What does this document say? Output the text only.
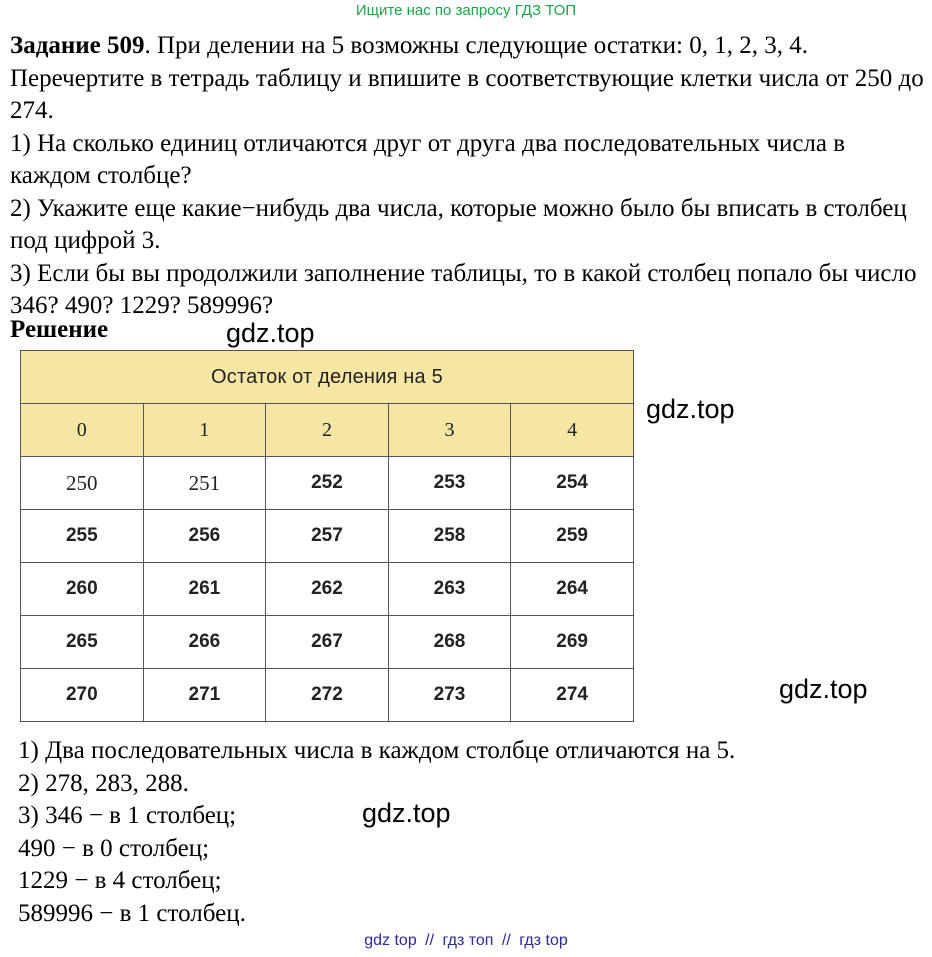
Ищите нас по запросу ГДЗ ТОП

Задание 509. При делении на 5 возможны следующие остатки: 0, 1, 2, 3, 4. Перечертите в тетрадь таблицу и впишите в соответствующие клетки числа от 250 до 274.

1) На сколько единиц отличаются друг от друга два последовательных числа в каждом столбце?

2) Укажите еще какие−нибудь два числа, которые можно было бы вписать в столбец под цифрой 3.

3) Если бы вы продолжили заполнение таблицы, то в какой столбец попало бы число 346? 490? 1229? 589996?

Решение	gdz.top
gdz.top
gdz.top
gdz.top
Остаток от деления на 5				
0	1	2	3	4
250	251	252	253	254
255	256	257	258	259
260	261	262	263	264
265	266	267	268	269
270	271	272	273	274

1) Два последовательных числа в каждом столбце отличаются на 5.

2) 278, 283, 288.

3) 346 − в 1 столбец;

490 − в 0 столбец;

1229 − в 4 столбец;

589996 − в 1 столбец.

gdz top // гдз топ // гдз top
